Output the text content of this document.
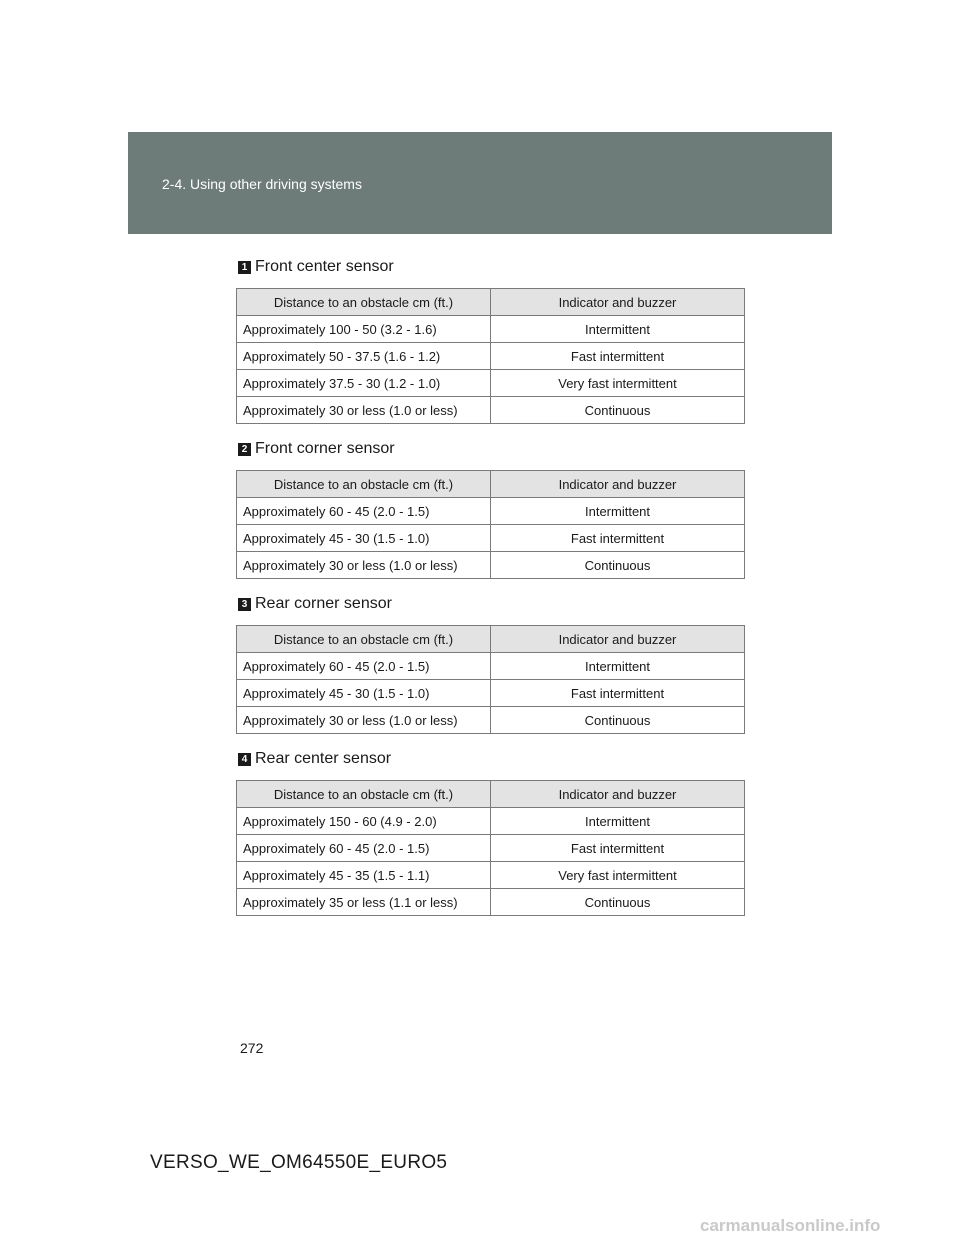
2-4. Using other driving systems
1 Front center sensor
Distance to an obstacle cm (ft.)	Indicator and buzzer
Approximately 100 - 50 (3.2 - 1.6)	Intermittent
Approximately 50 - 37.5 (1.6 - 1.2)	Fast intermittent
Approximately 37.5 - 30 (1.2 - 1.0)	Very fast intermittent
Approximately 30 or less (1.0 or less)	Continuous
2 Front corner sensor
Distance to an obstacle cm (ft.)	Indicator and buzzer
Approximately 60 - 45 (2.0 - 1.5)	Intermittent
Approximately 45 - 30 (1.5 - 1.0)	Fast intermittent
Approximately 30 or less (1.0 or less)	Continuous
3 Rear corner sensor
Distance to an obstacle cm (ft.)	Indicator and buzzer
Approximately 60 - 45 (2.0 - 1.5)	Intermittent
Approximately 45 - 30 (1.5 - 1.0)	Fast intermittent
Approximately 30 or less (1.0 or less)	Continuous
4 Rear center sensor
Distance to an obstacle cm (ft.)	Indicator and buzzer
Approximately 150 - 60 (4.9 - 2.0)	Intermittent
Approximately 60 - 45 (2.0 - 1.5)	Fast intermittent
Approximately 45 - 35 (1.5 - 1.1)	Very fast intermittent
Approximately 35 or less (1.1 or less)	Continuous
272
VERSO_WE_OM64550E_EURO5
carmanualsonline.info
